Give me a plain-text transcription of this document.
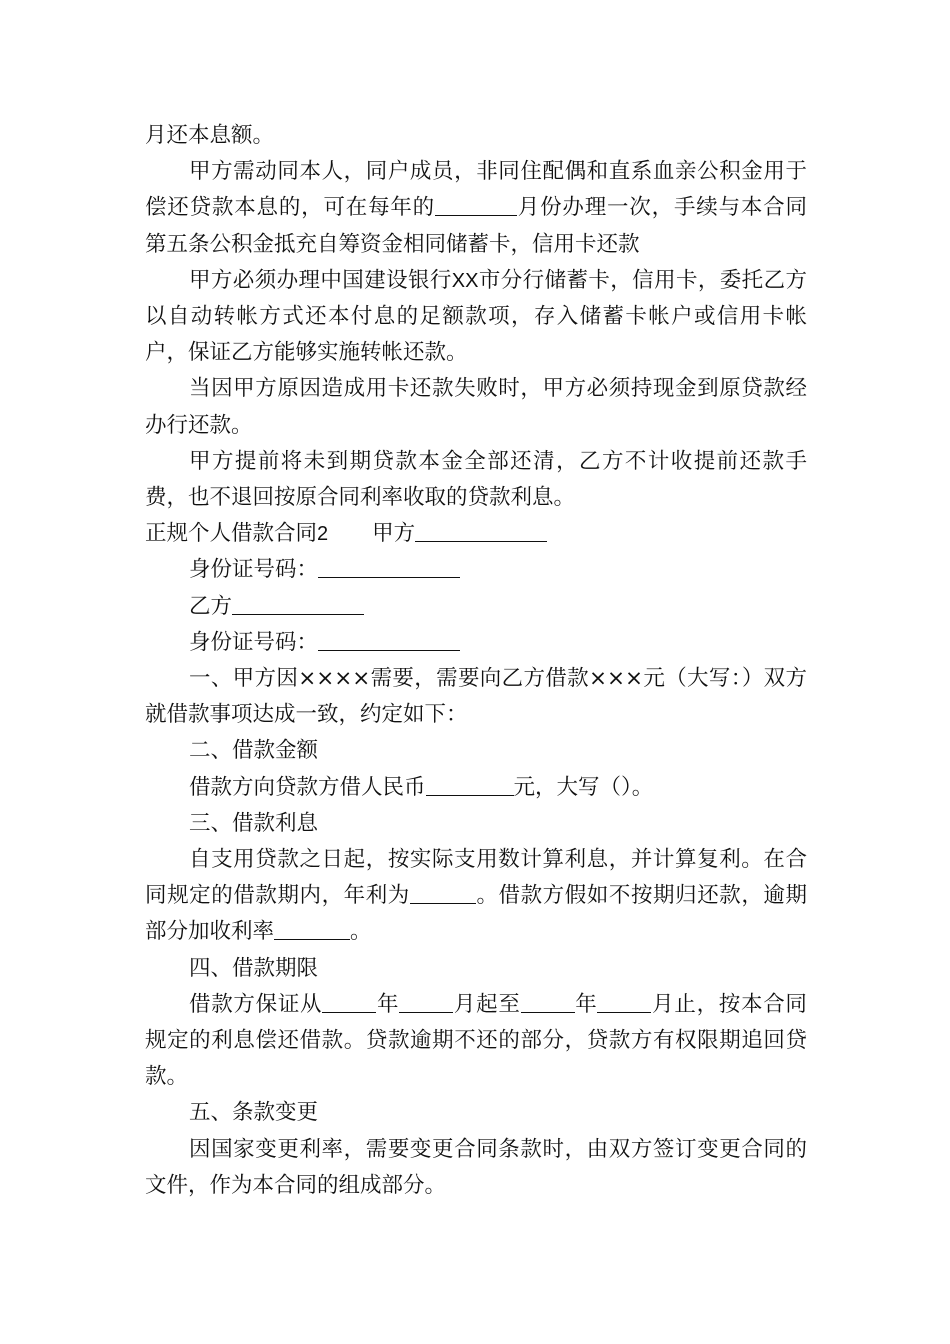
月还本息额。

甲方需动同本人，同户成员，非同住配偶和直系血亲公积金用于偿还贷款本息的，可在每年的	月份办理一次，手续与本合同第五条公积金抵充自筹资金相同储蓄卡，信用卡还款

甲方必须办理中国建设银行XX市分行储蓄卡，信用卡，委托乙方以自动转帐方式还本付息的足额款项，存入储蓄卡帐户或信用卡帐户，保证乙方能够实施转帐还款。

当因甲方原因造成用卡还款失败时，甲方必须持现金到原贷款经办行还款。

甲方提前将未到期贷款本金全部还清，乙方不计收提前还款手费，也不退回按原合同利率收取的贷款利息。

正规个人借款合同2 甲方

身份证号码：

乙方

身份证号码：

一、甲方因××××需要，需要向乙方借款×××元（大写：）双方就借款事项达成一致，约定如下：

二、借款金额

借款方向贷款方借人民币	元，大写（）。

三、借款利息

自支用贷款之日起，按实际支用数计算利息，并计算复利。在合同规定的借款期内，年利为	。借款方假如不按期归还款，逾期部分加收利率	。

四、借款期限

借款方保证从	年	月起至	年	月止，按本合同规定的利息偿还借款。贷款逾期不还的部分，贷款方有权限期追回贷款。

五、条款变更

因国家变更利率，需要变更合同条款时，由双方签订变更合同的文件，作为本合同的组成部分。
